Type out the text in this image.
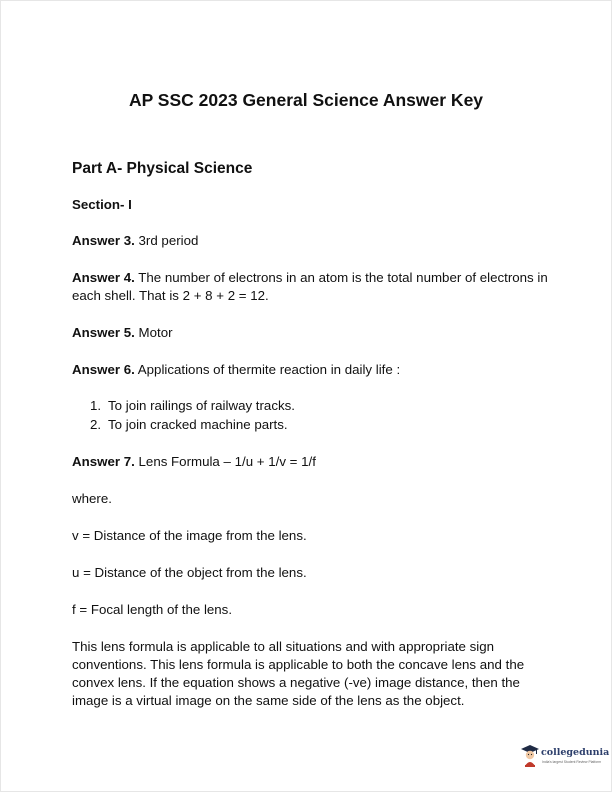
AP SSC 2023 General Science Answer Key
Part A- Physical Science
Section- I

Answer 3. 3rd period

Answer 4. The number of electrons in an atom is the total number of electrons in each shell. That is 2 + 8 + 2 = 12.

Answer 5. Motor

Answer 6. Applications of thermite reaction in daily life :

1. To join railings of railway tracks.
2. To join cracked machine parts.

Answer 7. Lens Formula – 1/u + 1/v = 1/f

where.

v = Distance of the image from the lens.

u = Distance of the object from the lens.

f = Focal length of the lens.

This lens formula is applicable to all situations and with appropriate sign conventions. This lens formula is applicable to both the concave lens and the convex lens. If the equation shows a negative (-ve) image distance, then the image is a virtual image on the same side of the lens as the object.

collegedunia
India's largest Student Review Platform
